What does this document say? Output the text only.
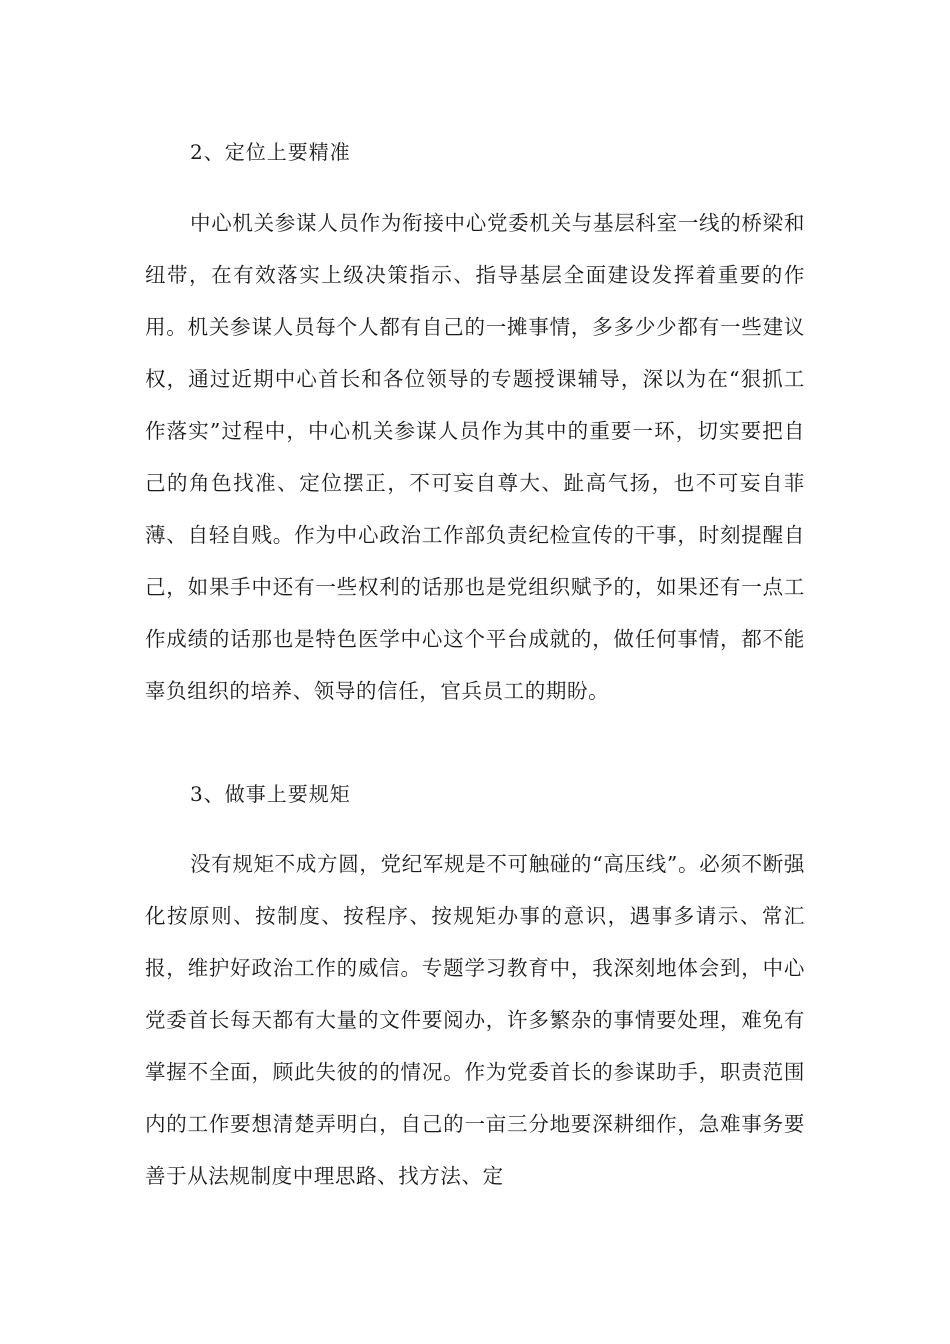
2、定位上要精准

中心机关参谋人员作为衔接中心党委机关与基层科室一线的桥梁和纽带，在有效落实上级决策指示、指导基层全面建设发挥着重要的作用。机关参谋人员每个人都有自己的一摊事情，多多少少都有一些建议权，通过近期中心首长和各位领导的专题授课辅导，深以为在“狠抓工作落实”过程中，中心机关参谋人员作为其中的重要一环，切实要把自己的角色找准、定位摆正，不可妄自尊大、趾高气扬，也不可妄自菲薄、自轻自贱。作为中心政治工作部负责纪检宣传的干事，时刻提醒自己，如果手中还有一些权利的话那也是党组织赋予的，如果还有一点工作成绩的话那也是特色医学中心这个平台成就的，做任何事情，都不能辜负组织的培养、领导的信任，官兵员工的期盼。

3、做事上要规矩

没有规矩不成方圆，党纪军规是不可触碰的“高压线”。必须不断强化按原则、按制度、按程序、按规矩办事的意识，遇事多请示、常汇报，维护好政治工作的威信。专题学习教育中，我深刻地体会到，中心党委首长每天都有大量的文件要阅办，许多繁杂的事情要处理，难免有掌握不全面，顾此失彼的的情况。作为党委首长的参谋助手，职责范围内的工作要想清楚弄明白，自己的一亩三分地要深耕细作，急难事务要善于从法规制度中理思路、找方法、定
